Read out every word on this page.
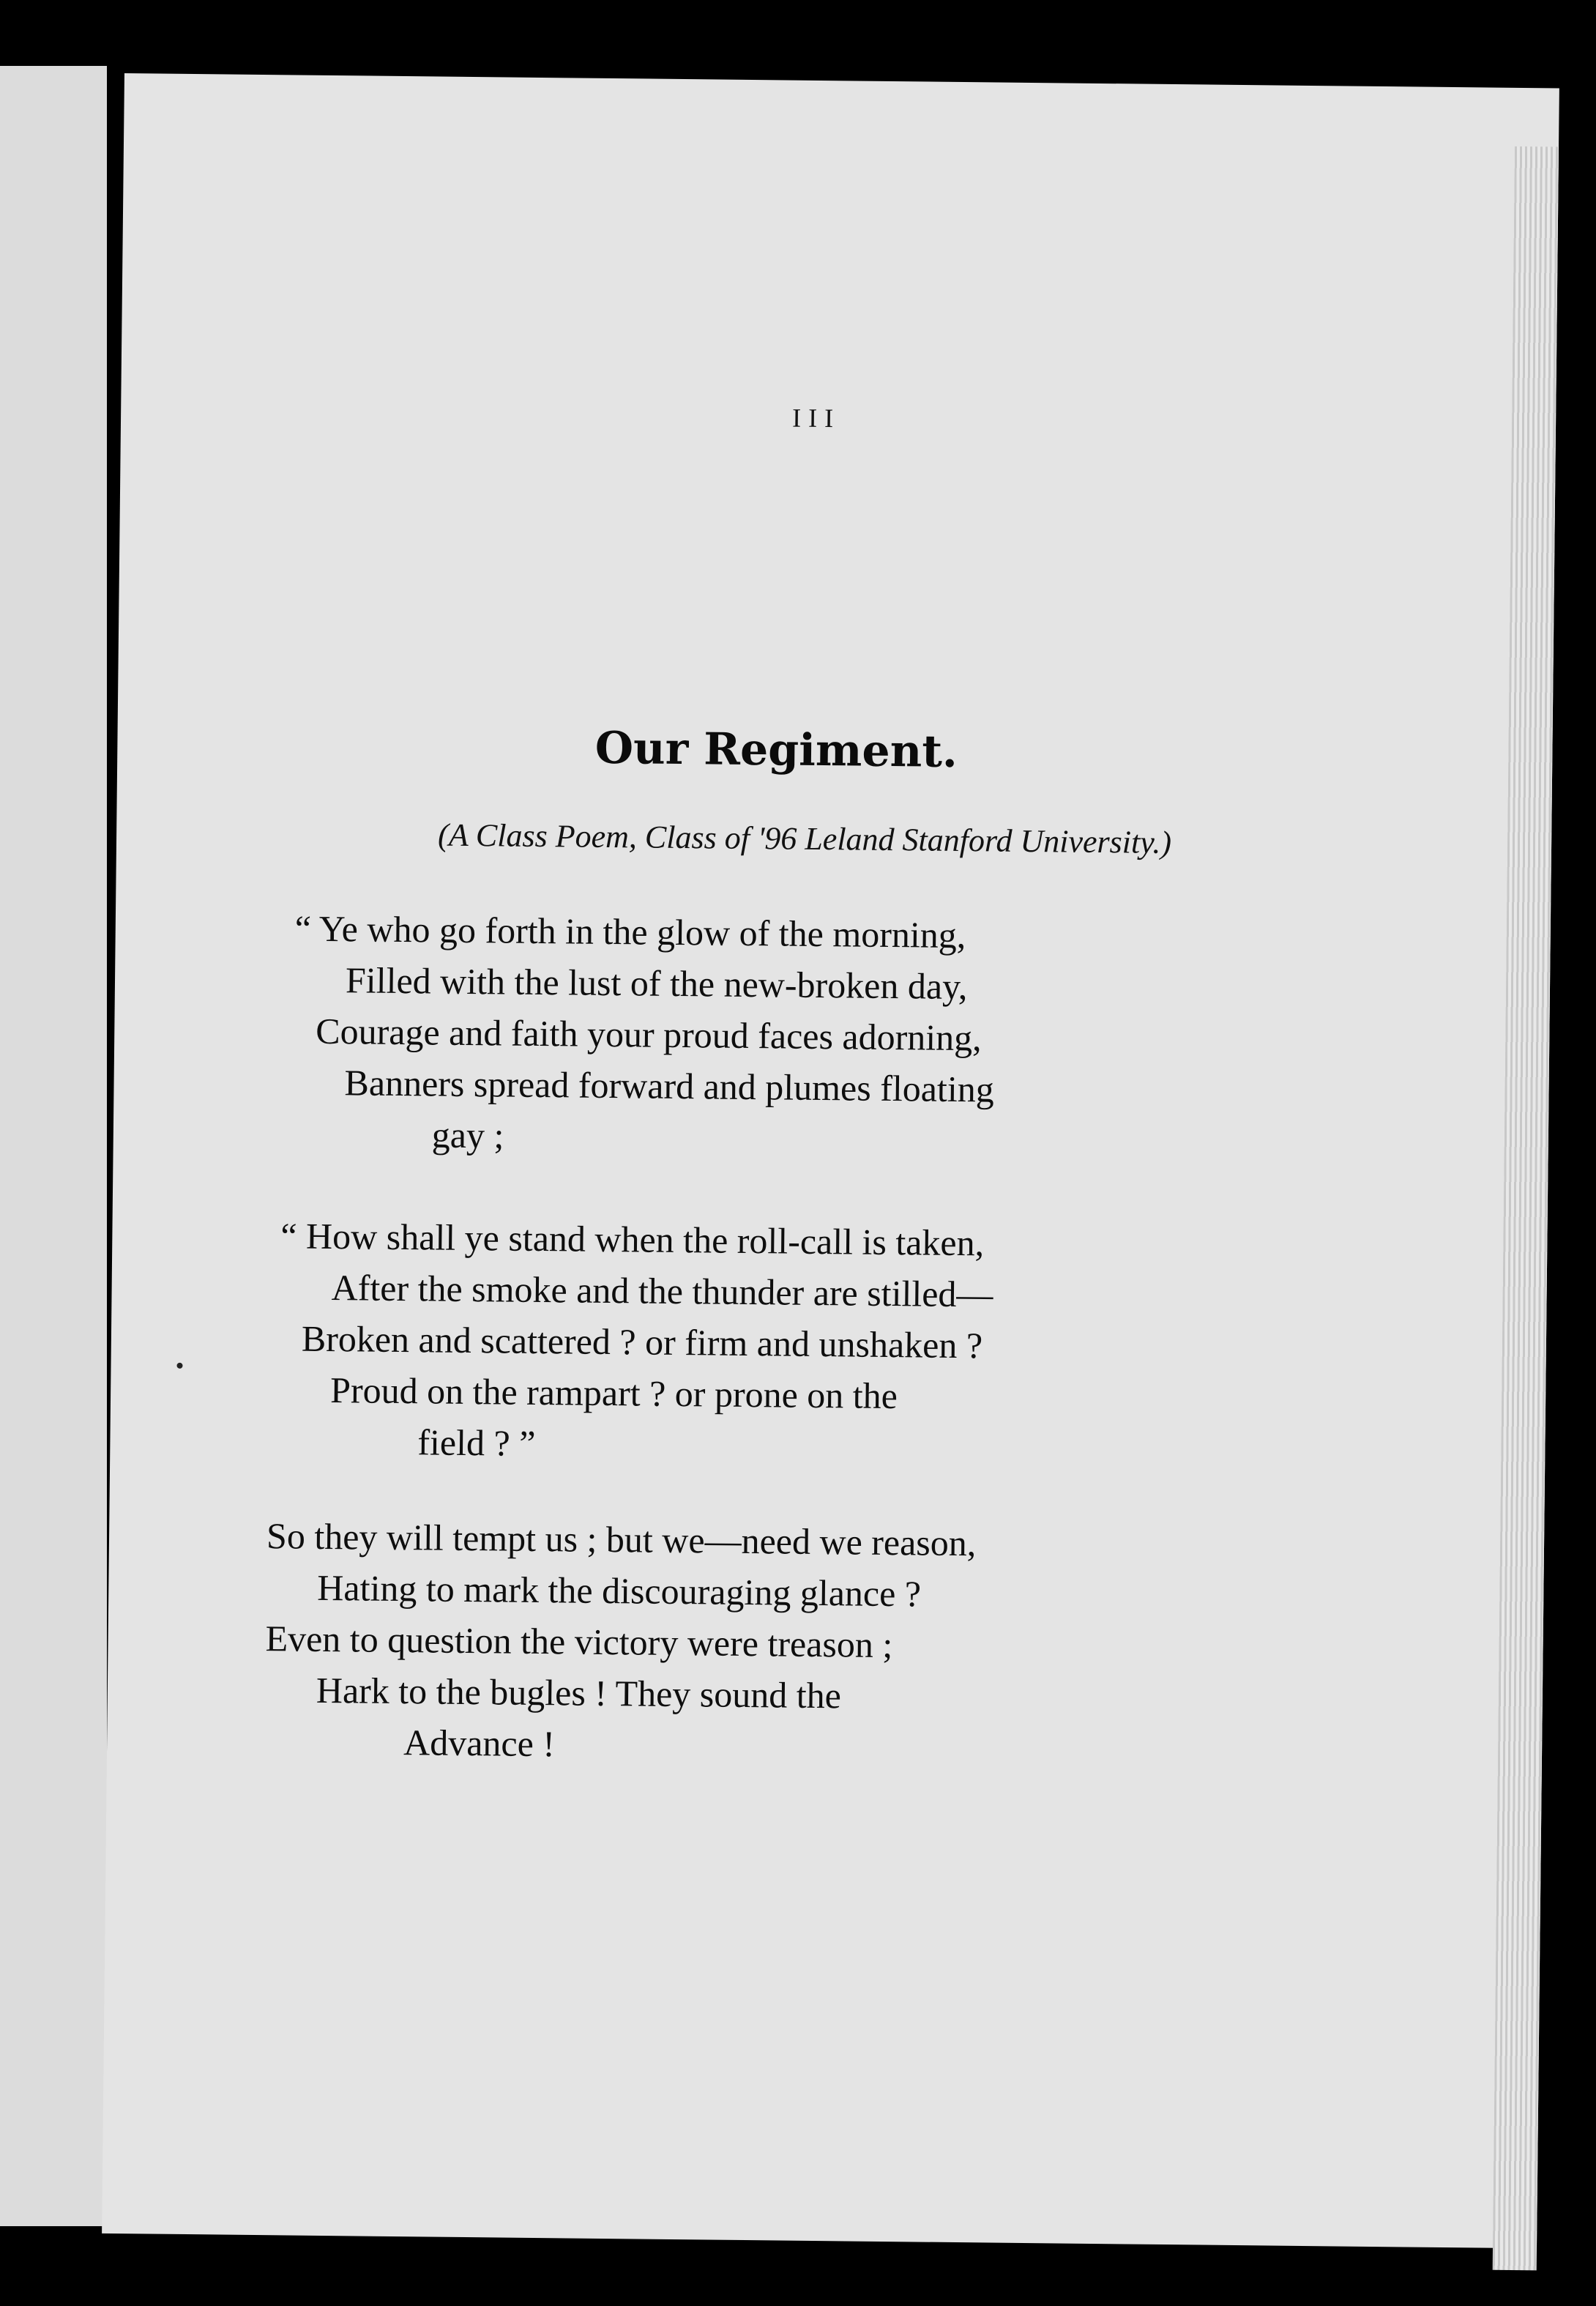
III
Our Regiment.
(A Class Poem, Class of '96 Leland Stanford University.)
“ Ye who go forth in the glow of the morning,
Filled with the lust of the new-broken day,
Courage and faith your proud faces adorning,
Banners spread forward and plumes floating
gay ;
“ How shall ye stand when the roll-call is taken,
After the smoke and the thunder are stilled—
Broken and scattered ? or firm and unshaken ?
Proud on the rampart ? or prone on the
field ? ”
So they will tempt us ; but we—need we reason,
Hating to mark the discouraging glance ?
Even to question the victory were treason ;
Hark to the bugles ! They sound the
Advance !
